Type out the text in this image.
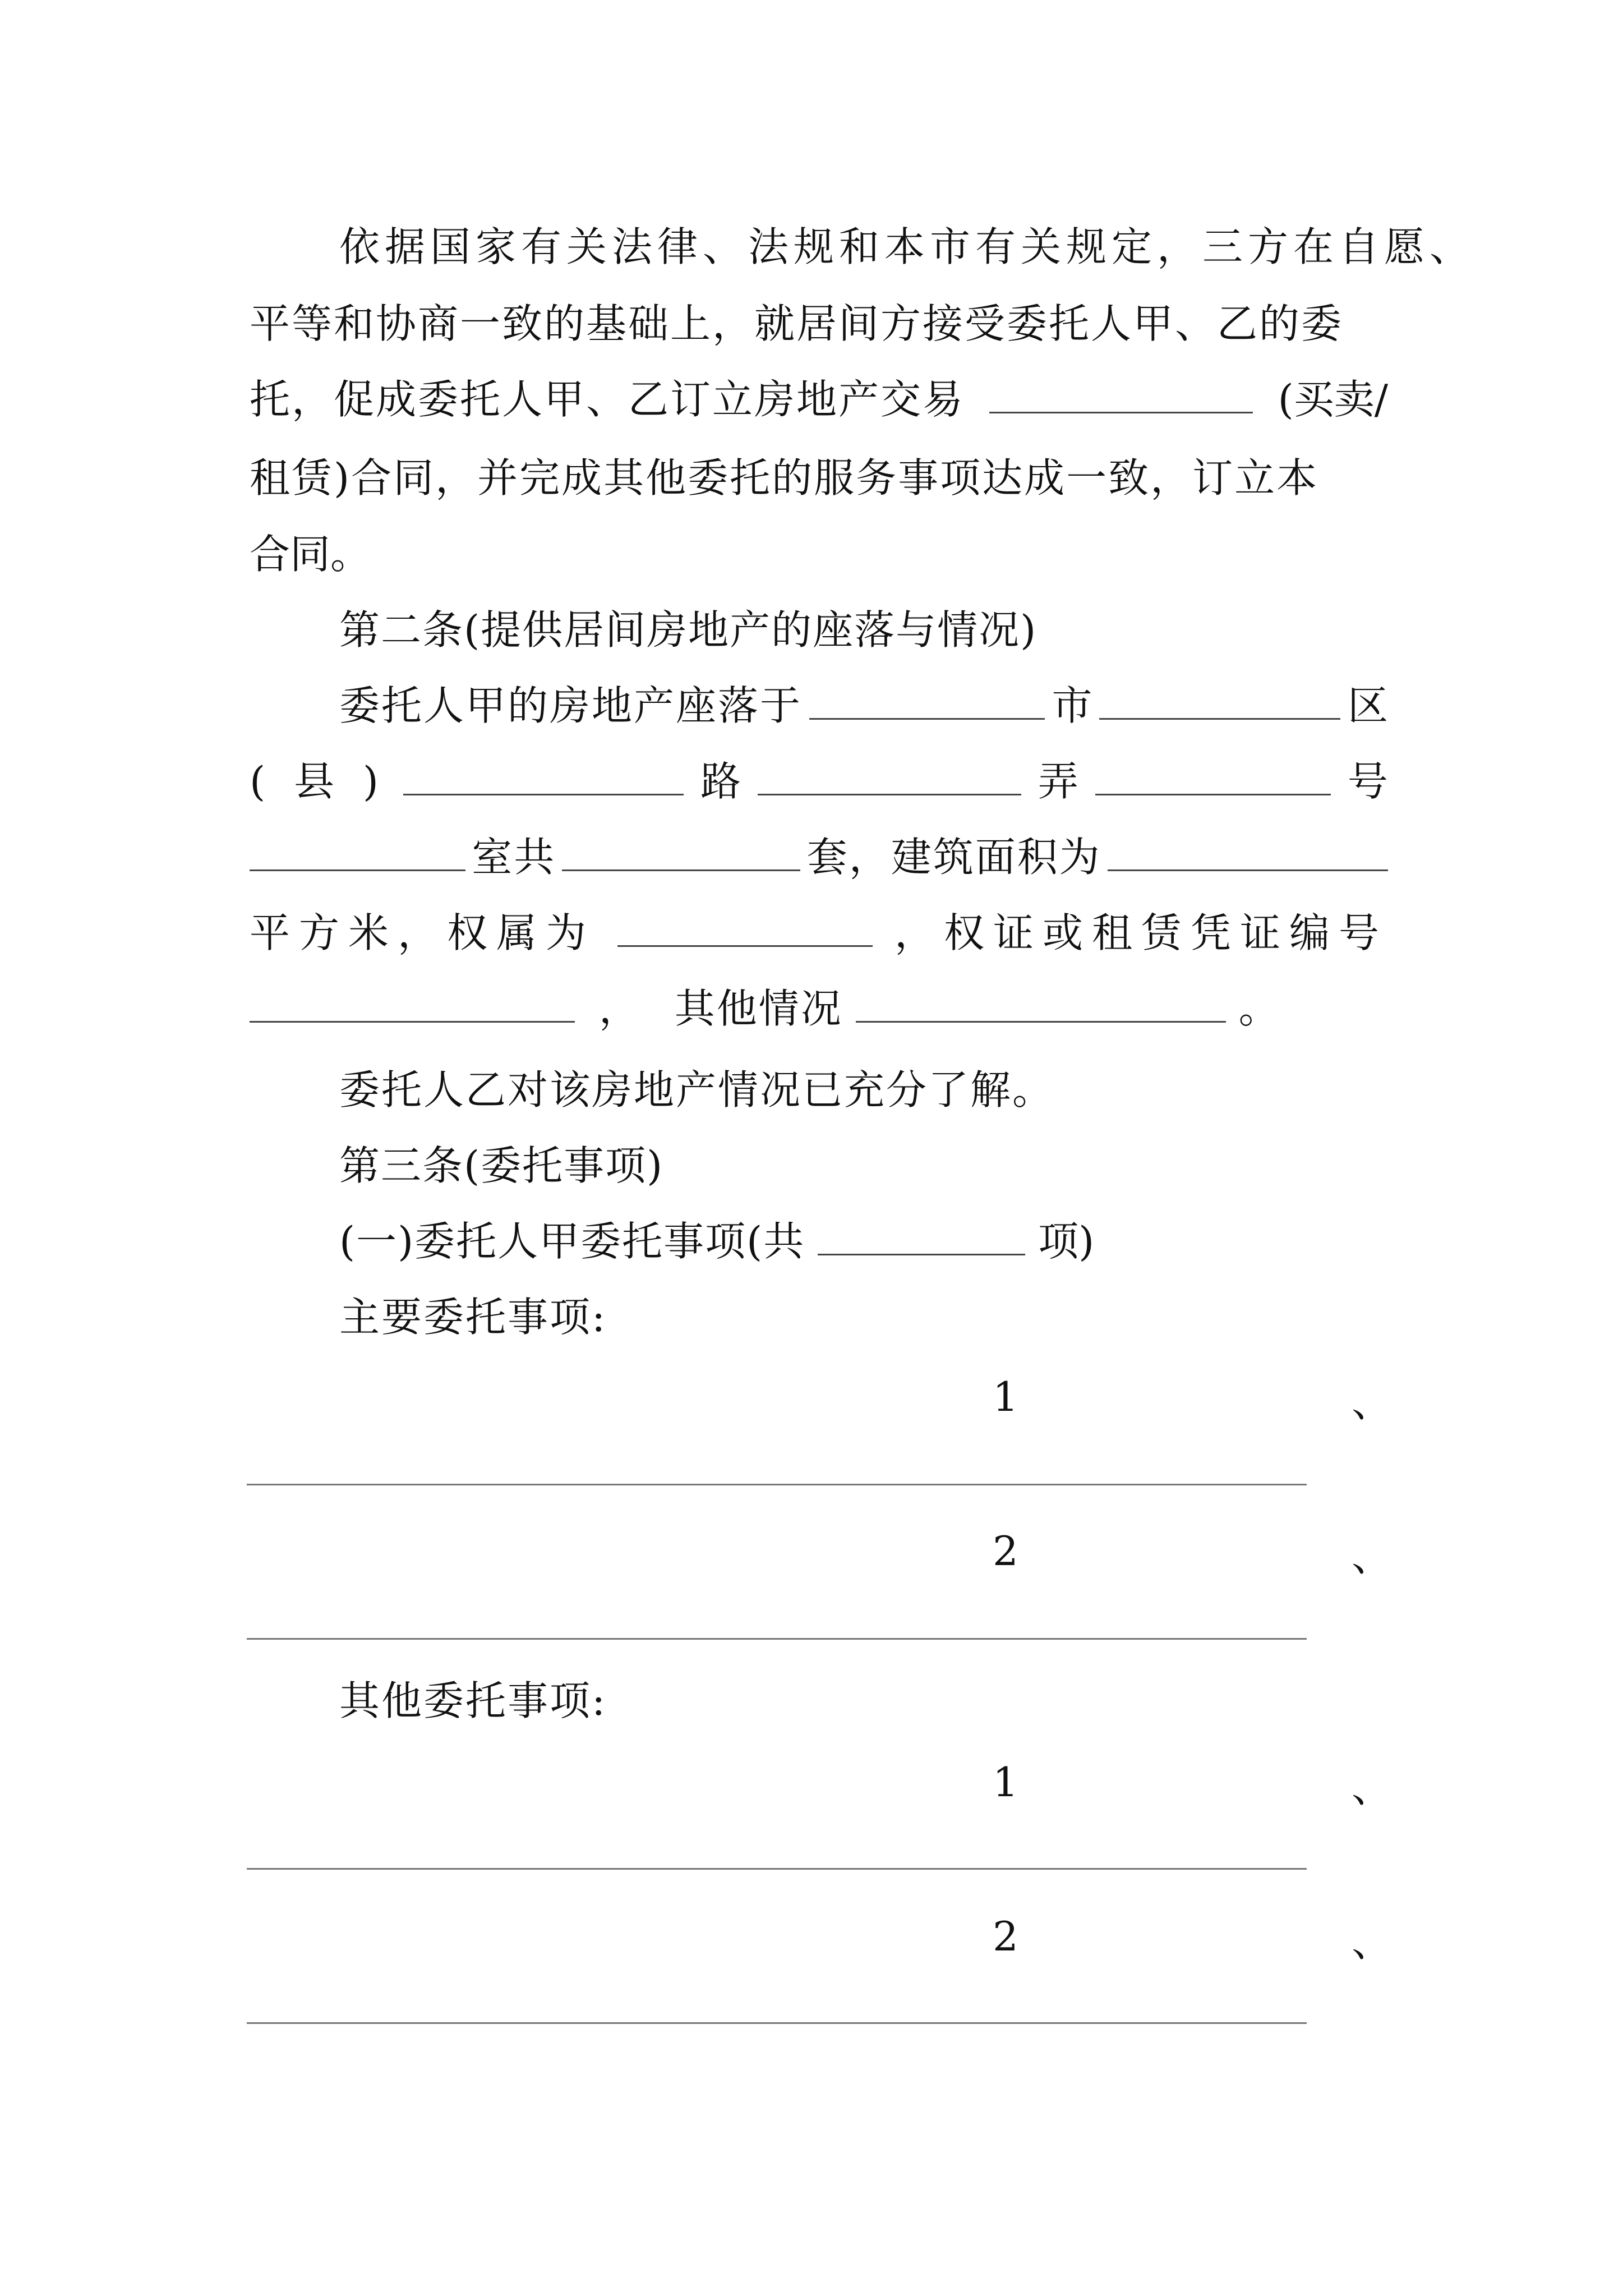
依据国家有关法律、法规和本市有关规定，三方在自愿、
平等和协商一致的基础上，就居间方接受委托人甲、乙的委
托，促成委托人甲、乙订立房地产交易	(买卖/
租赁)合同，并完成其他委托的服务事项达成一致，订立本
合同。
第二条(提供居间房地产的座落与情况)
委托人甲的房地产座落于	市	区
( 县 )	路	弄	号
室共	套，建筑面积为
平方米，权属为	，权证或租赁凭证编号
， 其他情况	。
委托人乙对该房地产情况已充分了解。
第三条(委托事项)
(一)委托人甲委托事项(共	项)
主要委托事项:
1	、
2	、
其他委托事项:
1	、
2	、
